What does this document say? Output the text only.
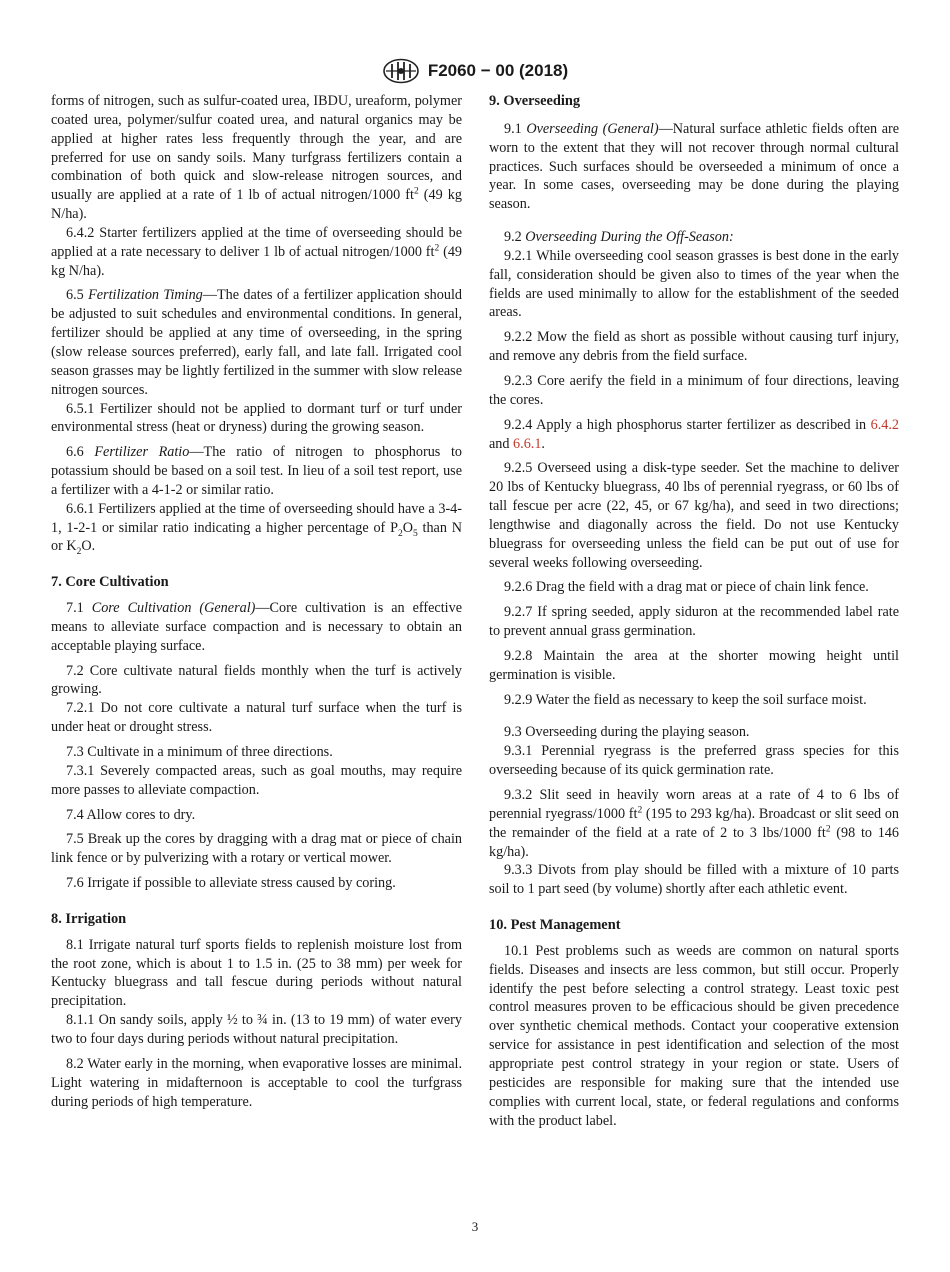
F2060 − 00 (2018)

forms of nitrogen, such as sulfur-coated urea, IBDU, ureaform, polymer coated urea, polymer/sulfur coated urea, and natural organics may be applied at higher rates less frequently through the year, and are preferred for use on sandy soils. Many turfgrass fertilizers contain a combination of both quick and slow-release nitrogen sources, and usually are applied at a rate of 1 lb of actual nitrogen/1000 $ft^2$ (49 kg N/ha).

6.4.2 Starter fertilizers applied at the time of overseeding should be applied at a rate necessary to deliver 1 lb of actual nitrogen/1000 $ft^2$ (49 kg N/ha).

6.5 Fertilization Timing—The dates of a fertilizer application should be adjusted to suit schedules and environmental conditions. In general, fertilizer should be applied at any time of overseeding, in the spring (slow release sources preferred), early fall, and late fall. Irrigated cool season grasses may be lightly fertilized in the summer with slow release nitrogen sources.

6.5.1 Fertilizer should not be applied to dormant turf or turf under environmental stress (heat or dryness) during the growing season.

6.6 Fertilizer Ratio—The ratio of nitrogen to phosphorus to potassium should be based on a soil test. In lieu of a soil test report, use a fertilizer with a 4-1-2 or similar ratio.

6.6.1 Fertilizers applied at the time of overseeding should have a 3-4-1, 1-2-1 or similar ratio indicating a higher percentage of $P_2O_5$ than N or $K_2O$.

7. Core Cultivation

7.1 Core Cultivation (General)—Core cultivation is an effective means to alleviate surface compaction and is necessary to obtain an acceptable playing surface.

7.2 Core cultivate natural fields monthly when the turf is actively growing.

7.2.1 Do not core cultivate a natural turf surface when the turf is under heat or drought stress.

7.3 Cultivate in a minimum of three directions.

7.3.1 Severely compacted areas, such as goal mouths, may require more passes to alleviate compaction.

7.4 Allow cores to dry.

7.5 Break up the cores by dragging with a drag mat or piece of chain link fence or by pulverizing with a rotary or vertical mower.

7.6 Irrigate if possible to alleviate stress caused by coring.

8. Irrigation

8.1 Irrigate natural turf sports fields to replenish moisture lost from the root zone, which is about 1 to 1.5 in. (25 to 38 mm) per week for Kentucky bluegrass and tall fescue during periods without natural precipitation.

8.1.1 On sandy soils, apply ½ to ¾ in. (13 to 19 mm) of water every two to four days during periods without natural precipitation.

8.2 Water early in the morning, when evaporative losses are minimal. Light watering in midafternoon is acceptable to cool the turfgrass during periods of high temperature.

9. Overseeding

9.1 Overseeding (General)—Natural surface athletic fields often are worn to the extent that they will not recover through normal cultural practices. Such surfaces should be overseeded a minimum of once a year. In some cases, overseeding may be done during the playing season.

9.2 Overseeding During the Off-Season:

9.2.1 While overseeding cool season grasses is best done in the early fall, consideration should be given also to times of the year when the fields are used minimally to allow for the establishment of the seeded areas.

9.2.2 Mow the field as short as possible without causing turf injury, and remove any debris from the field surface.

9.2.3 Core aerify the field in a minimum of four directions, leaving the cores.

9.2.4 Apply a high phosphorus starter fertilizer as described in 6.4.2 and 6.6.1.

9.2.5 Overseed using a disk-type seeder. Set the machine to deliver 20 lbs of Kentucky bluegrass, 40 lbs of perennial ryegrass, or 60 lbs of tall fescue per acre (22, 45, or 67 kg/ha), and seed in two directions; lengthwise and diagonally across the field. Do not use Kentucky bluegrass for overseeding unless the field can be put out of use for several weeks following overseeding.

9.2.6 Drag the field with a drag mat or piece of chain link fence.

9.2.7 If spring seeded, apply siduron at the recommended label rate to prevent annual grass germination.

9.2.8 Maintain the area at the shorter mowing height until germination is visible.

9.2.9 Water the field as necessary to keep the soil surface moist.

9.3 Overseeding during the playing season.

9.3.1 Perennial ryegrass is the preferred grass species for this overseeding because of its quick germination rate.

9.3.2 Slit seed in heavily worn areas at a rate of 4 to 6 lbs of perennial ryegrass/1000 $ft^2$ (195 to 293 kg/ha). Broadcast or slit seed on the remainder of the field at a rate of 2 to 3 lbs/1000 $ft^2$ (98 to 146 kg/ha).

9.3.3 Divots from play should be filled with a mixture of 10 parts soil to 1 part seed (by volume) shortly after each athletic event.

10. Pest Management

10.1 Pest problems such as weeds are common on natural sports fields. Diseases and insects are less common, but still occur. Properly identify the pest before selecting a control strategy. Least toxic pest control measures proven to be efficacious should be given precedence over synthetic chemical methods. Contact your cooperative extension service for assistance in pest identification and selection of the most appropriate pest control strategy in your region or state. Users of pesticides are responsible for making sure that the intended use complies with current local, state, or federal regulations and conforms with the product label.

3
